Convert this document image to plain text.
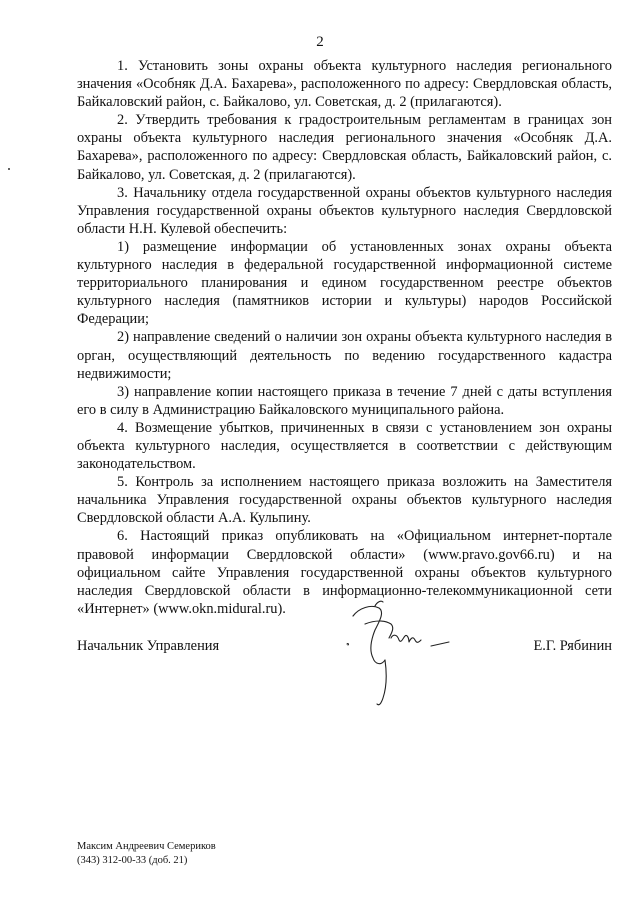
2

1. Установить зоны охраны объекта культурного наследия регионального значения «Особняк Д.А. Бахарева», расположенного по адресу: Свердловская область, Байкаловский район, с. Байкалово, ул. Советская, д. 2 (прилагаются).

2. Утвердить требования к градостроительным регламентам в границах зон охраны объекта культурного наследия регионального значения «Особняк Д.А. Бахарева», расположенного по адресу: Свердловская область, Байкаловский район, с. Байкалово, ул. Советская, д. 2 (прилагаются).

3. Начальнику отдела государственной охраны объектов культурного наследия Управления государственной охраны объектов культурного наследия Свердловской области Н.Н. Кулевой обеспечить:

1) размещение информации об установленных зонах охраны объекта культурного наследия в федеральной государственной информационной системе территориального планирования и едином государственном реестре объектов культурного наследия (памятников истории и культуры) народов Российской Федерации;

2) направление сведений о наличии зон охраны объекта культурного наследия в орган, осуществляющий деятельность по ведению государственного кадастра недвижимости;

3) направление копии настоящего приказа в течение 7 дней с даты вступления его в силу в Администрацию Байкаловского муниципального района.

4. Возмещение убытков, причиненных в связи с установлением зон охраны объекта культурного наследия, осуществляется в соответствии с действующим законодательством.

5. Контроль за исполнением настоящего приказа возложить на Заместителя начальника Управления государственной охраны объектов культурного наследия Свердловской области А.А. Кульпину.

6. Настоящий приказ опубликовать на «Официальном интернет-портале правовой информации Свердловской области» (www.pravo.gov66.ru) и на официальном сайте Управления государственной охраны объектов культурного наследия Свердловской области в информационно-телекоммуникационной сети «Интернет» (www.okn.midural.ru).

Начальник Управления	Е.Г. Рябинин
Максим Андреевич Семериков
(343) 312-00-33 (доб. 21)
